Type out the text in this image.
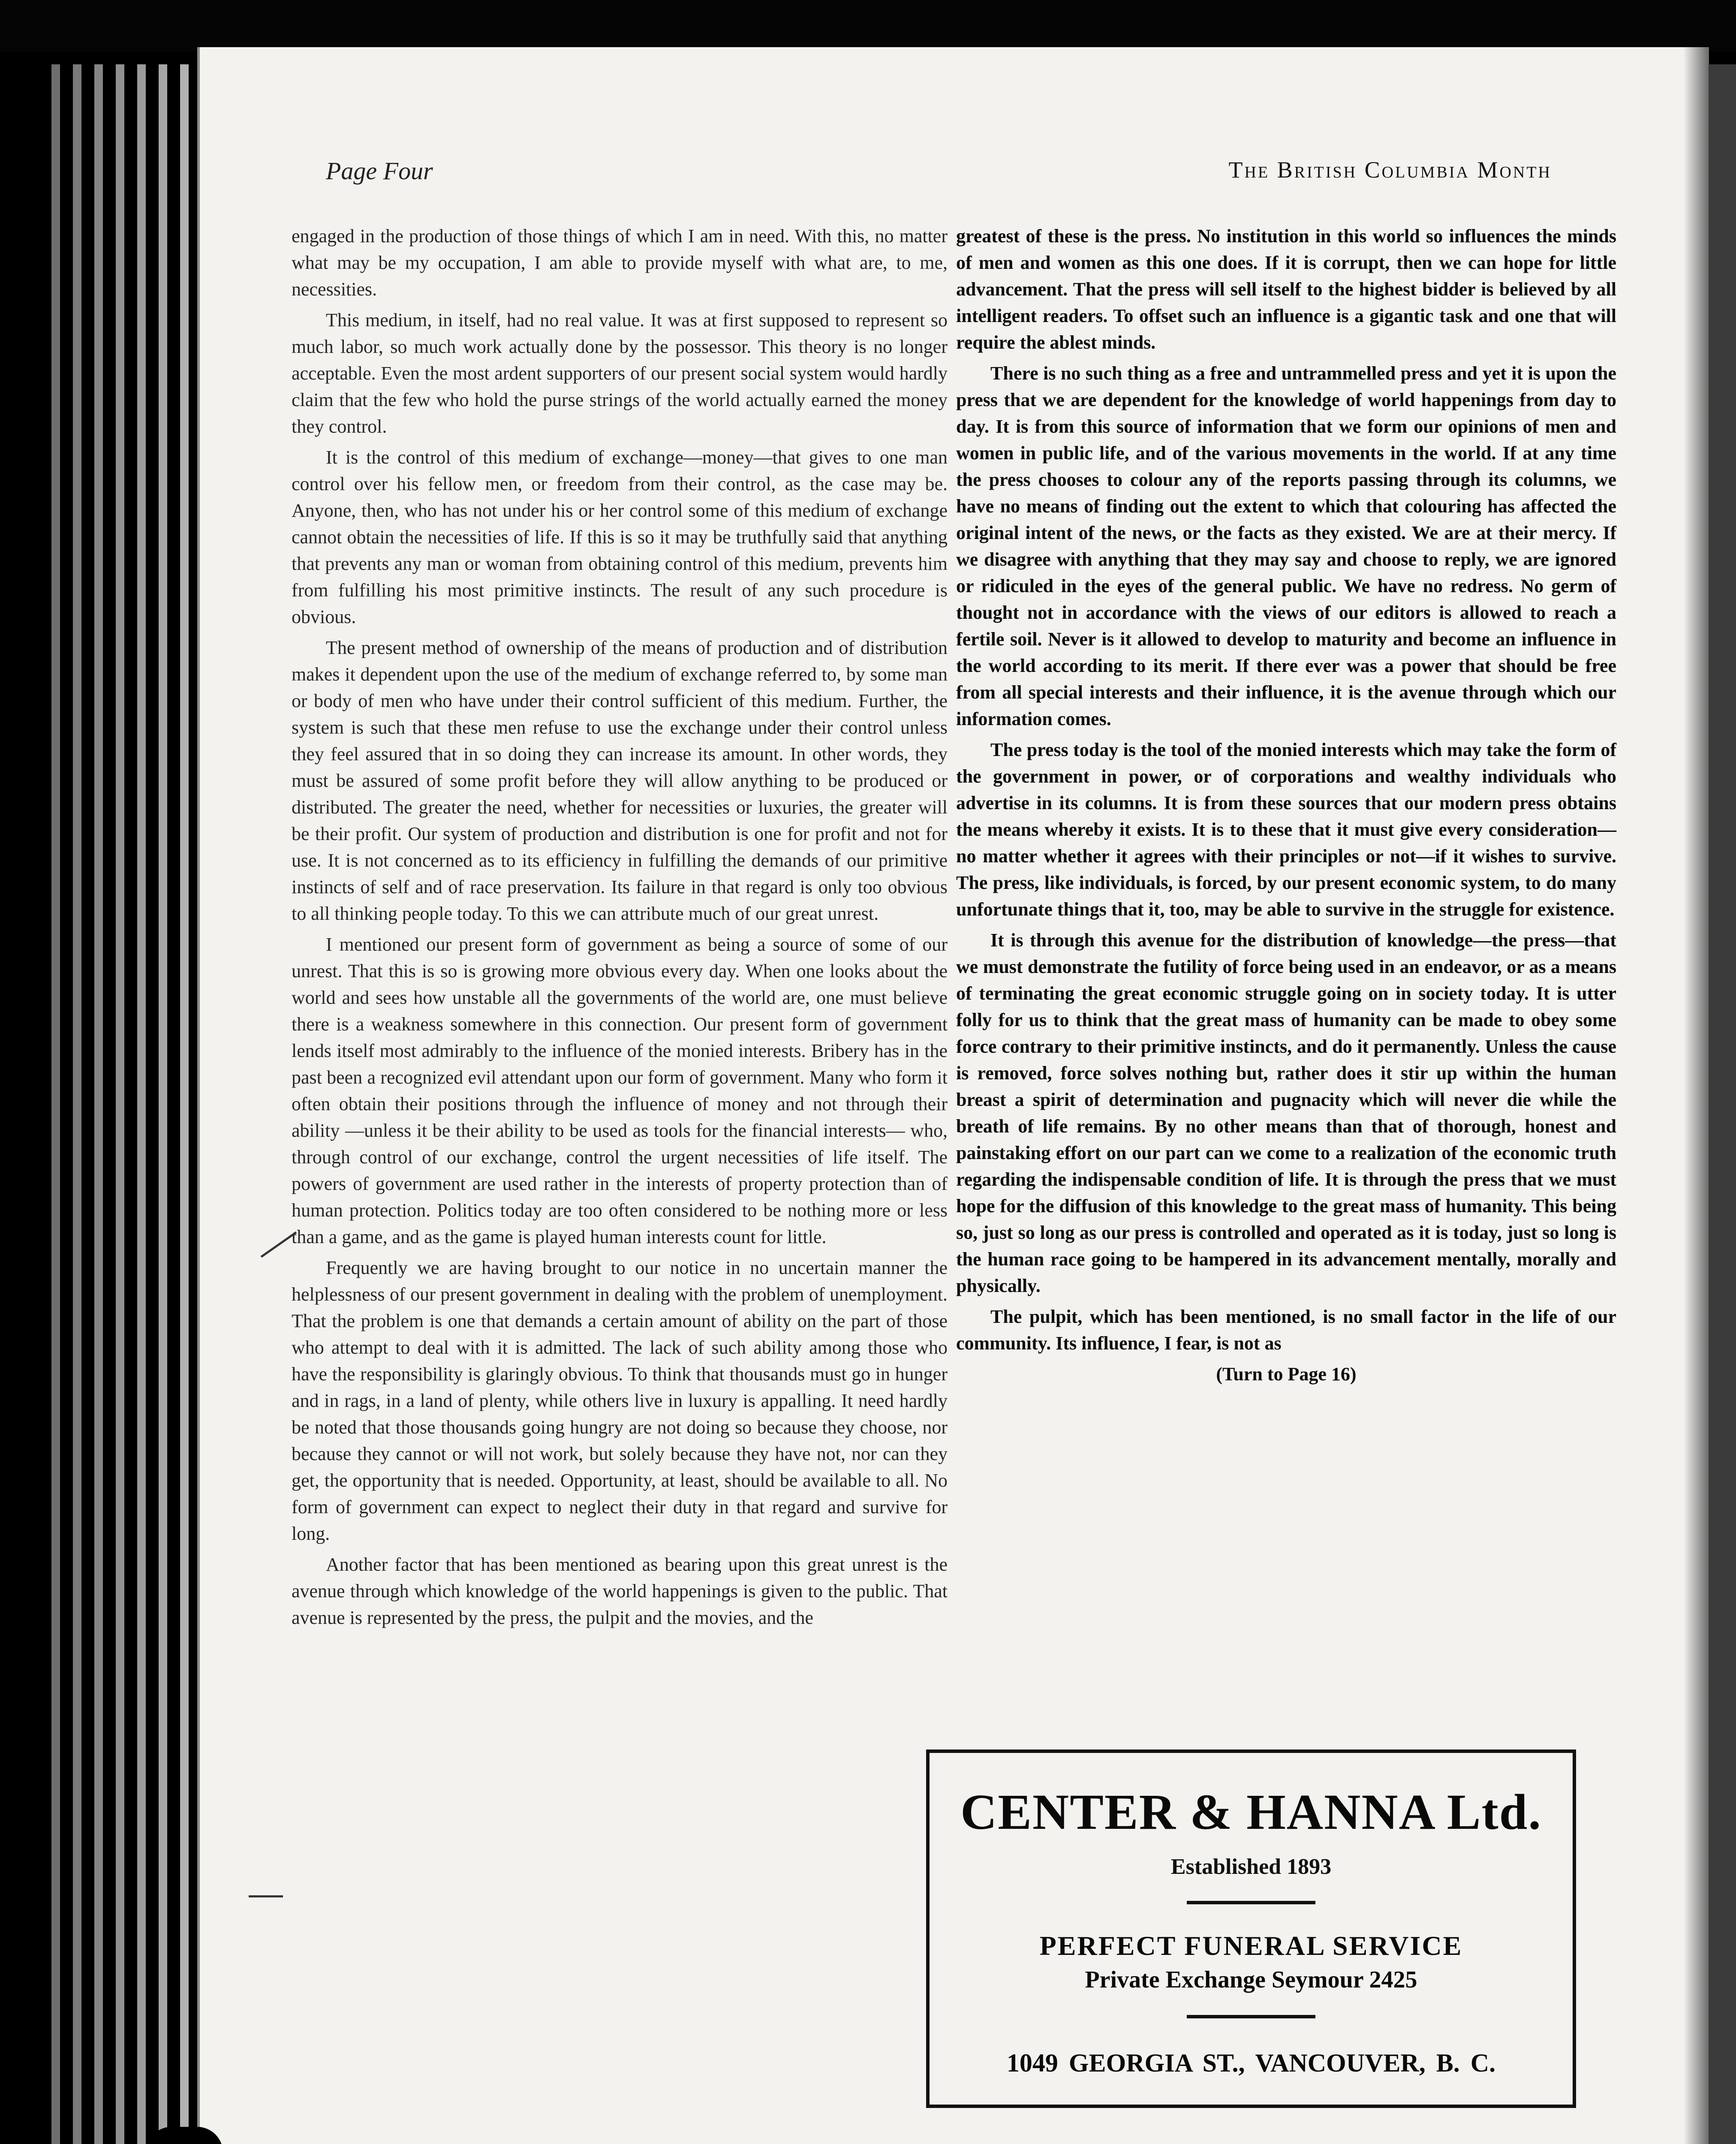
Page Four	The British Columbia Month

engaged in the production of those things of which I am in need. With this, no matter what may be my occupation, I am able to provide myself with what are, to me, necessities.

This medium, in itself, had no real value. It was at first supposed to represent so much labor, so much work actually done by the possessor. This theory is no longer acceptable. Even the most ardent supporters of our present social system would hardly claim that the few who hold the purse strings of the world actually earned the money they control.

It is the control of this medium of exchange—money—that gives to one man control over his fellow men, or freedom from their control, as the case may be. Anyone, then, who has not under his or her control some of this medium of exchange cannot obtain the necessities of life. If this is so it may be truthfully said that anything that prevents any man or woman from obtaining control of this medium, prevents him from fulfilling his most primitive instincts. The result of any such procedure is obvious.

The present method of ownership of the means of production and of distribution makes it dependent upon the use of the medium of exchange referred to, by some man or body of men who have under their control sufficient of this medium. Further, the system is such that these men refuse to use the exchange under their control unless they feel assured that in so doing they can increase its amount. In other words, they must be assured of some profit before they will allow anything to be produced or distributed. The greater the need, whether for necessities or luxuries, the greater will be their profit. Our system of production and distribution is one for profit and not for use. It is not concerned as to its efficiency in fulfilling the demands of our primitive instincts of self and of race preservation. Its failure in that regard is only too obvious to all thinking people today. To this we can attribute much of our great unrest.

I mentioned our present form of government as being a source of some of our unrest. That this is so is growing more obvious every day. When one looks about the world and sees how unstable all the governments of the world are, one must believe there is a weakness somewhere in this connection. Our present form of government lends itself most admirably to the influence of the monied interests. Bribery has in the past been a recognized evil attendant upon our form of government. Many who form it often obtain their positions through the influence of money and not through their ability —unless it be their ability to be used as tools for the financial interests— who, through control of our exchange, control the urgent necessities of life itself. The powers of government are used rather in the interests of property protection than of human protection. Politics today are too often considered to be nothing more or less than a game, and as the game is played human interests count for little.

Frequently we are having brought to our notice in no uncertain manner the helplessness of our present government in dealing with the problem of unemployment. That the problem is one that demands a certain amount of ability on the part of those who attempt to deal with it is admitted. The lack of such ability among those who have the responsibility is glaringly obvious. To think that thousands must go in hunger and in rags, in a land of plenty, while others live in luxury is appalling. It need hardly be noted that those thousands going hungry are not doing so because they choose, nor because they cannot or will not work, but solely because they have not, nor can they get, the opportunity that is needed. Opportunity, at least, should be available to all. No form of government can expect to neglect their duty in that regard and survive for long.

Another factor that has been mentioned as bearing upon this great unrest is the avenue through which knowledge of the world happenings is given to the public. That avenue is represented by the press, the pulpit and the movies, and the

greatest of these is the press. No institution in this world so influences the minds of men and women as this one does. If it is corrupt, then we can hope for little advancement. That the press will sell itself to the highest bidder is believed by all intelligent readers. To offset such an influence is a gigantic task and one that will require the ablest minds.

There is no such thing as a free and untrammelled press and yet it is upon the press that we are dependent for the knowledge of world happenings from day to day. It is from this source of information that we form our opinions of men and women in public life, and of the various movements in the world. If at any time the press chooses to colour any of the reports passing through its columns, we have no means of finding out the extent to which that colouring has affected the original intent of the news, or the facts as they existed. We are at their mercy. If we disagree with anything that they may say and choose to reply, we are ignored or ridiculed in the eyes of the general public. We have no redress. No germ of thought not in accordance with the views of our editors is allowed to reach a fertile soil. Never is it allowed to develop to maturity and become an influence in the world according to its merit. If there ever was a power that should be free from all special interests and their influence, it is the avenue through which our information comes.

The press today is the tool of the monied interests which may take the form of the government in power, or of corporations and wealthy individuals who advertise in its columns. It is from these sources that our modern press obtains the means whereby it exists. It is to these that it must give every consideration—no matter whether it agrees with their principles or not—if it wishes to survive. The press, like individuals, is forced, by our present economic system, to do many unfortunate things that it, too, may be able to survive in the struggle for existence.

It is through this avenue for the distribution of knowledge—the press—that we must demonstrate the futility of force being used in an endeavor, or as a means of terminating the great economic struggle going on in society today. It is utter folly for us to think that the great mass of humanity can be made to obey some force contrary to their primitive instincts, and do it permanently. Unless the cause is removed, force solves nothing but, rather does it stir up within the human breast a spirit of determination and pugnacity which will never die while the breath of life remains. By no other means than that of thorough, honest and painstaking effort on our part can we come to a realization of the economic truth regarding the indispensable condition of life. It is through the press that we must hope for the diffusion of this knowledge to the great mass of humanity. This being so, just so long as our press is controlled and operated as it is today, just so long is the human race going to be hampered in its advancement mentally, morally and physically.

The pulpit, which has been mentioned, is no small factor in the life of our community. Its influence, I fear, is not as

(Turn to Page 16)

CENTER & HANNA Ltd.
Established 1893
PERFECT FUNERAL SERVICE
Private Exchange Seymour 2425
1049 GEORGIA ST., VANCOUVER, B. C.
